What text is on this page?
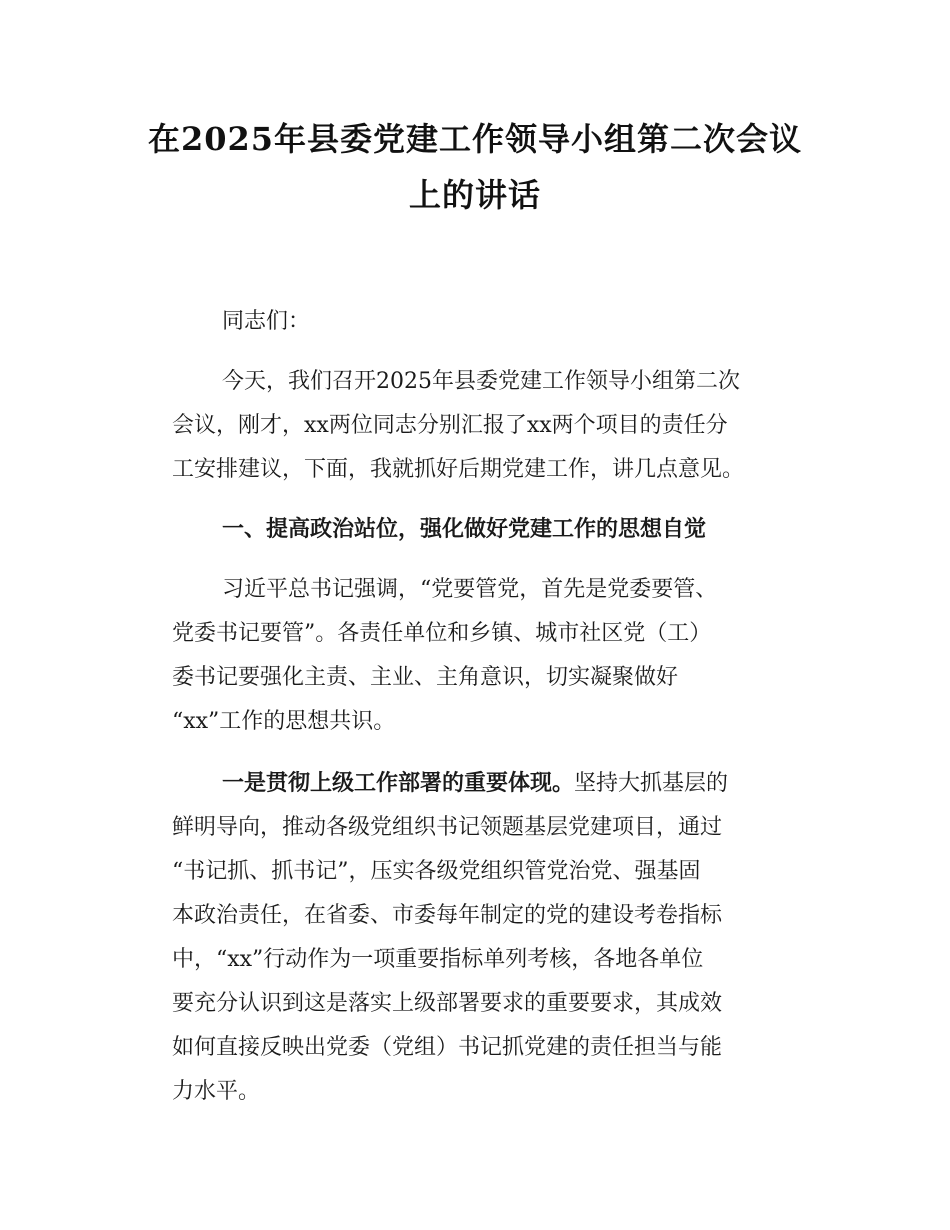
在2025年县委党建工作领导小组第二次会议
上的讲话

同志们：

今天，我们召开2025年县委党建工作领导小组第二次
会议，刚才，xx两位同志分别汇报了xx两个项目的责任分
工安排建议，下面，我就抓好后期党建工作，讲几点意见。

一、提高政治站位，强化做好党建工作的思想自觉

习近平总书记强调，“党要管党，首先是党委要管、
党委书记要管”。各责任单位和乡镇、城市社区党（工）
委书记要强化主责、主业、主角意识，切实凝聚做好
“xx”工作的思想共识。

一是贯彻上级工作部署的重要体现。坚持大抓基层的
鲜明导向，推动各级党组织书记领题基层党建项目，通过
“书记抓、抓书记”，压实各级党组织管党治党、强基固
本政治责任，在省委、市委每年制定的党的建设考卷指标
中，“xx”行动作为一项重要指标单列考核，各地各单位
要充分认识到这是落实上级部署要求的重要要求，其成效
如何直接反映出党委（党组）书记抓党建的责任担当与能
力水平。
